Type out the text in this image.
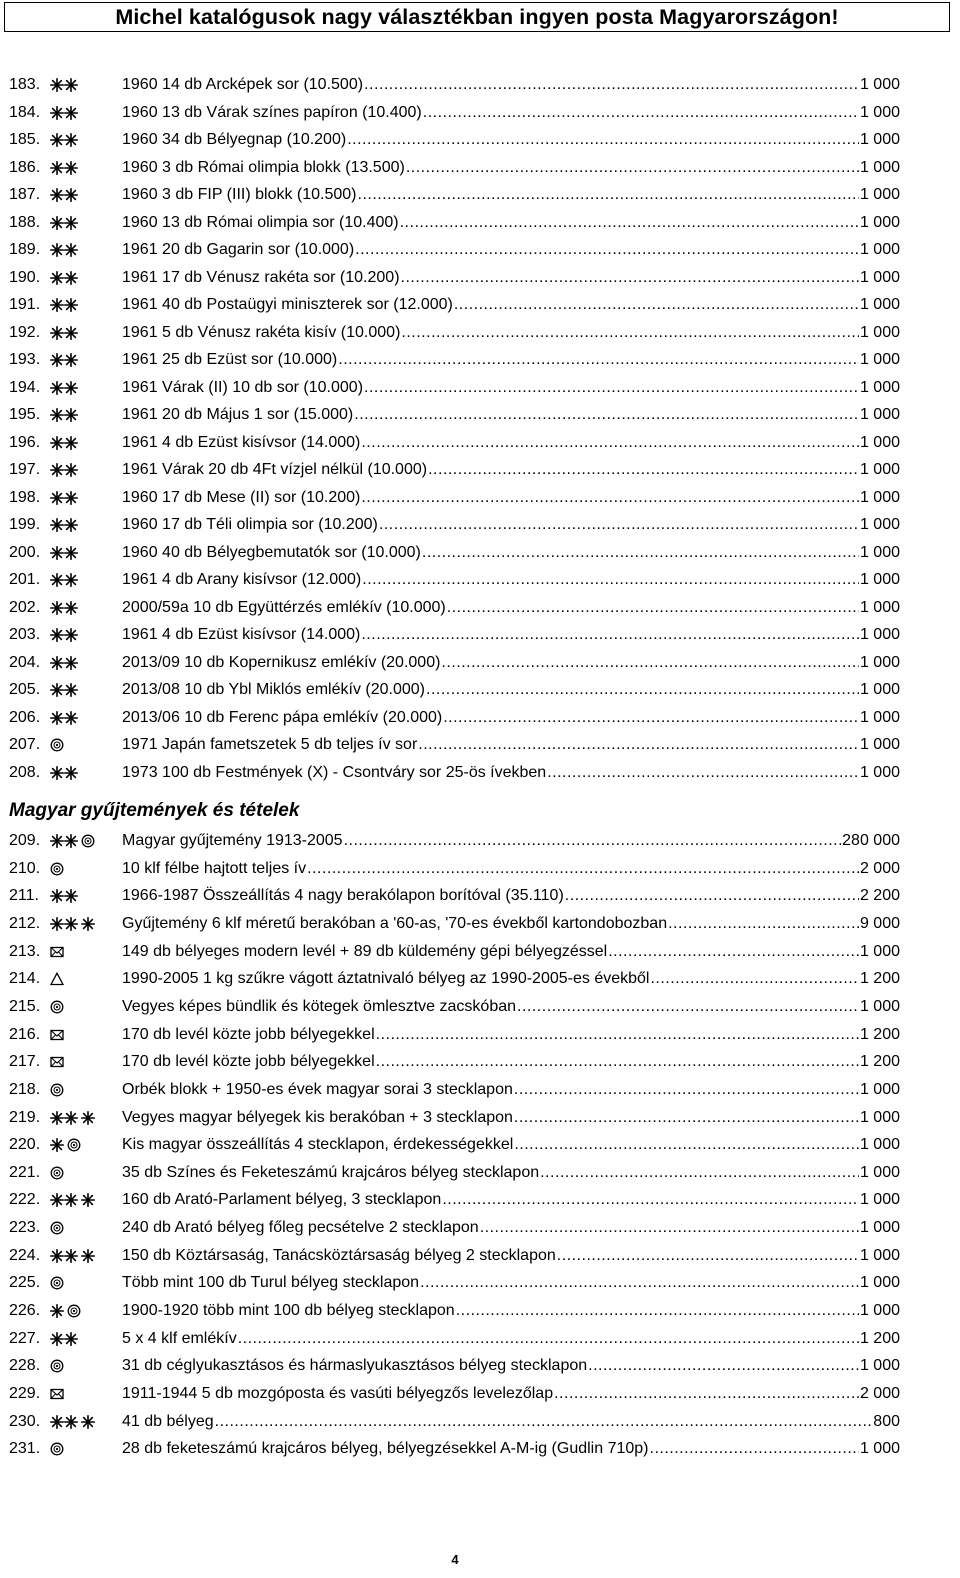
Michel katalógusok nagy választékban ingyen posta Magyarországon!
183.	1960 14 db Arcképek sor (10.500) .....	1 000
184.	1960 13 db Várak színes papíron (10.400) .....	1 000
185.	1960 34 db Bélyegnap (10.200) .....	1 000
186.	1960 3 db Római olimpia blokk (13.500) .....	1 000
187.	1960 3 db FIP (III) blokk (10.500) .....	1 000
188.	1960 13 db Római olimpia sor (10.400) .....	1 000
189.	1961 20 db Gagarin sor (10.000) .....	1 000
190.	1961 17 db Vénusz rakéta sor (10.200) .....	1 000
191.	1961 40 db Postaügyi miniszterek sor (12.000) .....	1 000
192.	1961 5 db Vénusz rakéta kisív (10.000) .....	1 000
193.	1961 25 db Ezüst sor (10.000) .....	1 000
194.	1961 Várak (II) 10 db sor (10.000) .....	1 000
195.	1961 20 db Május 1 sor (15.000) .....	1 000
196.	1961 4 db Ezüst kisívsor (14.000) .....	1 000
197.	1961 Várak 20 db 4Ft vízjel nélkül (10.000) .....	1 000
198.	1960 17 db Mese (II) sor (10.200) .....	1 000
199.	1960 17 db Téli olimpia sor (10.200) .....	1 000
200.	1960 40 db Bélyegbemutatók sor (10.000) .....	1 000
201.	1961 4 db Arany kisívsor (12.000) .....	1 000
202.	2000/59a 10 db Együttérzés emlékív (10.000) .....	1 000
203.	1961 4 db Ezüst kisívsor (14.000) .....	1 000
204.	2013/09 10 db Kopernikusz emlékív (20.000) .....	1 000
205.	2013/08 10 db Ybl Miklós emlékív (20.000) .....	1 000
206.	2013/06 10 db Ferenc pápa emlékív (20.000) .....	1 000
207.	1971 Japán fametszetek 5 db teljes ív sor .....	1 000
208.	1973 100 db Festmények (X) - Csontváry sor 25-ös ívekben .....	1 000
Magyar gyűjtemények és tételek
209.	Magyar gyűjtemény 1913-2005 .....	280 000
210.	10 klf félbe hajtott teljes ív .....	2 000
211.	1966-1987 Összeállítás 4 nagy berakólapon borítóval (35.110) .....	2 200
212.	Gyűjtemény 6 klf méretű berakóban a '60-as, '70-es évekből kartondobozban .....	9 000
213.	149 db bélyeges modern levél + 89 db küldemény gépi bélyegzéssel .....	1 000
214.	1990-2005 1 kg szűkre vágott áztatnivaló bélyeg az 1990-2005-es évekből .....	1 200
215.	Vegyes képes bündlik és kötegek ömlesztve zacskóban .....	1 000
216.	170 db levél közte jobb bélyegekkel .....	1 200
217.	170 db levél közte jobb bélyegekkel .....	1 200
218.	Orbék blokk + 1950-es évek magyar sorai 3 stecklapon .....	1 000
219.	Vegyes magyar bélyegek kis berakóban + 3 stecklapon .....	1 000
220.	Kis magyar összeállítás 4 stecklapon, érdekességekkel .....	1 000
221.	35 db Színes és Feketeszámú krajcáros bélyeg stecklapon .....	1 000
222.	160 db Arató-Parlament bélyeg, 3 stecklapon .....	1 000
223.	240 db Arató bélyeg főleg pecsételve 2 stecklapon .....	1 000
224.	150 db Köztársaság, Tanácsköztársaság bélyeg 2 stecklapon .....	1 000
225.	Több mint 100 db Turul bélyeg stecklapon .....	1 000
226.	1900-1920 több mint 100 db bélyeg stecklapon .....	1 000
227.	5 x 4 klf emlékív .....	1 200
228.	31 db céglyukasztásos és hármaslyukasztásos bélyeg stecklapon .....	1 000
229.	1911-1944 5 db mozgóposta és vasúti bélyegzős levelezőlap .....	2 000
230.	41 db bélyeg .....	800
231.	28 db feketeszámú krajcáros bélyeg, bélyegzésekkel A-M-ig (Gudlin 710p) .....	1 000
4
